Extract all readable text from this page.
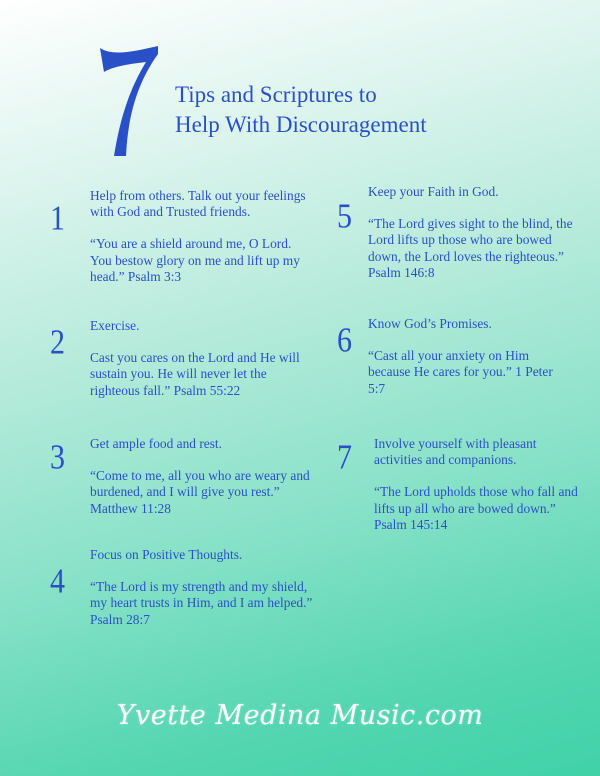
Tips and Scriptures to
Help With Discouragement
1

Help from others. Talk out your feelings with God and Trusted friends.

“You are a shield around me, O Lord. You bestow glory on me and lift up my head.” Psalm 3:3

2 Exercise.

Cast you cares on the Lord and He will sustain you. He will never let the righteous fall.” Psalm 55:22

3 Get ample food and rest.

“Come to me, all you who are weary and burdened, and I will give you rest.” Matthew 11:28

4

Focus on Positive Thoughts.

“The Lord is my strength and my shield, my heart trusts in Him, and I am helped.” Psalm 28:7

5

Keep your Faith in God.

“The Lord gives sight to the blind, the Lord lifts up those who are bowed down, the Lord loves the righteous.” Psalm 146:8

6 Know God’s Promises.

“Cast all your anxiety on Him because He cares for you.” 1 Peter 5:7

7 Involve yourself with pleasant activities and companions.

“The Lord upholds those who fall and lifts up all who are bowed down.” Psalm 145:14

Yvette Medina Music.com
